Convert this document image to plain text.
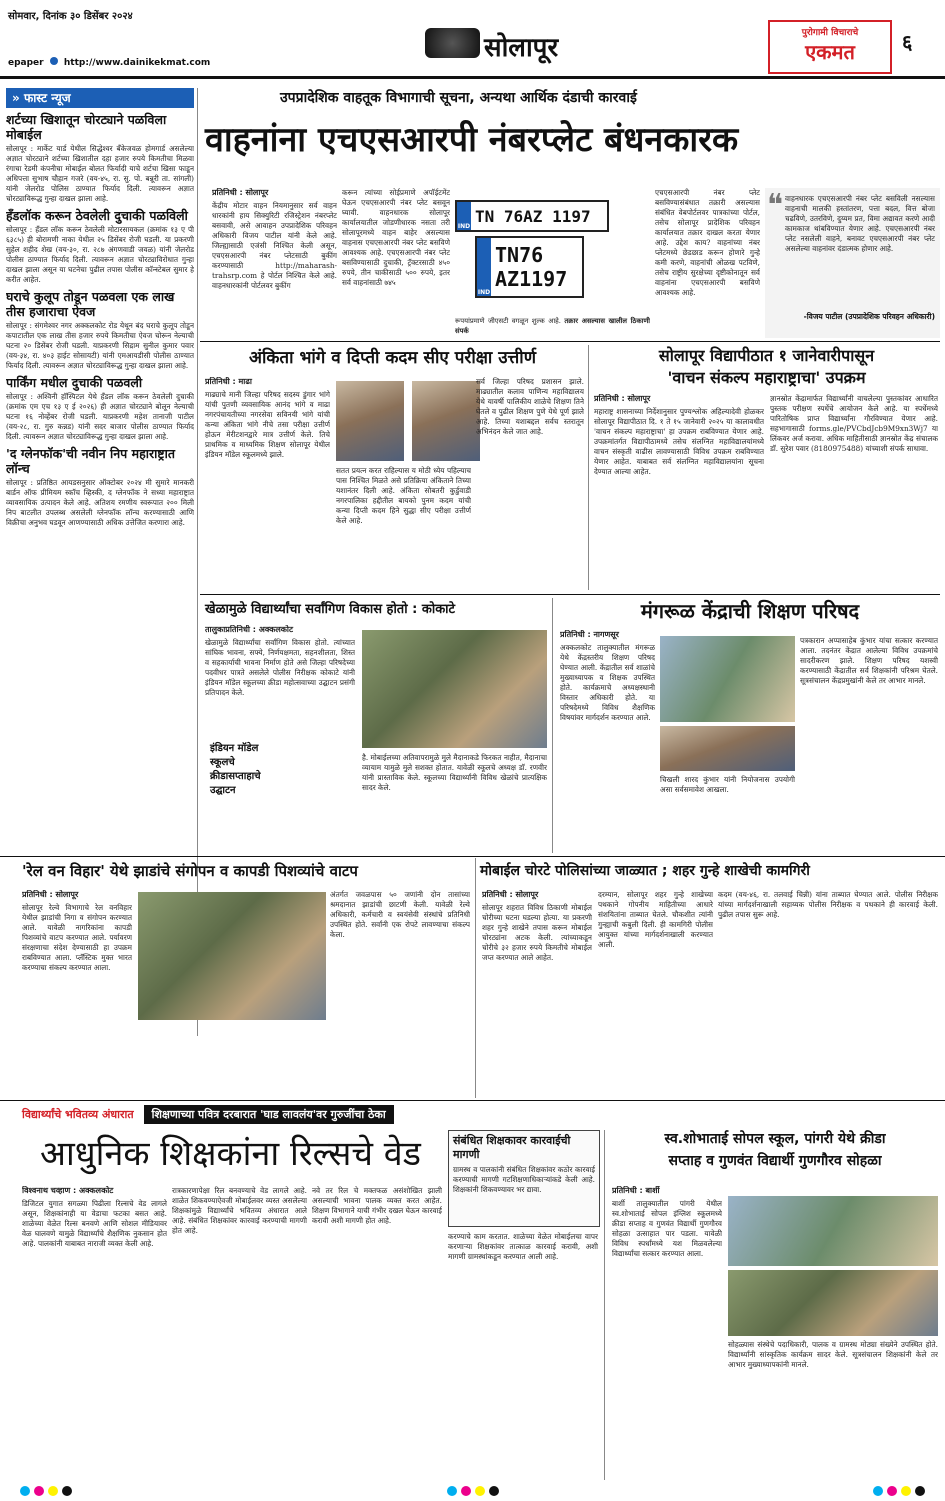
सोमवार, दिनांक ३० डिसेंबर २०२४
सोलापूर	पुरोगामी विचाराचे
एकमत	६
epaper http://www.dainikekmat.com
» फास्ट न्यूज
शर्टच्या खिशातून चोरट्याने पळविला मोबाईल
सोलापूर : मार्केट यार्ड येथील सिद्धेश्वर बँकेजवळ होमगार्ड असलेल्या अज्ञात चोरट्याने शर्टच्या खिशातील दहा हजार रुपये किमतीचा मिळवा रंगाचा रेडमी कंपनीचा मोबाईल बोलत फिर्यादी याचे शर्टचा खिसा फाडून अधिपत्ता सुभाष चौहान गजरे (वय-४५, रा. सु. पो. बन्नूरी ता. सांगली) यांनी जेलरोड पोलिस ठाण्यात फिर्याद दिली. त्यावरून अज्ञात चोरट्याविरूद्ध गुन्हा दाखल झाला आहे.
हँडलॉक करून ठेवलेली दुचाकी पळविली
सोलापूर : हँडल लॉक करून ठेवलेली मोटारसायकल (क्रमांक १३ ए पी ६३८५) ही बोरामणी नाका येथील २५ डिसेंबर रोजी घडली. या प्रकरणी सुहेल शहीद शेख (वय-३०, रा. २८७ अंगणवाडी जवळ) यांनी जेलरोड पोलीस ठाण्यात फिर्याद दिली. त्यावरून अज्ञात चोरट्याविरोधात गुन्हा दाखल झाला असून या घटनेचा पुढील तपास पोलीस कॉन्स्टेबल सुमार हे करीत आहेत.
घराचे कुलूप तोडून पळवला एक लाख तीस हजाराचा ऐवज
सोलापूर : संगमेश्वर नगर अक्कलकोट रोड येथून बंद घराचे कुलूप तोडून कपाटातील एक लाख तीस हजार रुपये किमतीचा ऐवज चोरून नेल्याची घटना २० डिसेंबर रोजी घडली. याप्रकरणी सिद्राम सुनील कुमार पवार (वय-३४, रा. ४०३ हाईट सोसायटी) यांनी एमआयडीसी पोलीस ठाण्यात फिर्याद दिली. त्यावरून अज्ञात चोरट्याविरूद्ध गुन्हा दाखल झाला आहे.
पार्किंग मधील दुचाकी पळवली
सोलापूर : अश्विनी हॉस्पिटल येथे हँडल लॉक करून ठेवलेली दुचाकी (क्रमांक एम एच १३ ए ई २०२६) ही अज्ञात चोरट्याने बोलून नेल्याची घटना १६ नोव्हेंबर रोजी घडली. याप्रकरणी महेश तानाजी पाटील (वय-२८, रा. गुरु कन्नड) यांनी सदर बाजार पोलीस ठाण्यात फिर्याद दिली. त्यावरून अज्ञात चोरट्याविरूद्ध गुन्हा दाखल झाला आहे.
'द ग्लेनफॉक'ची नवीन निप महाराष्ट्रात लॉन्च
सोलापूर : प्रतिष्ठित आयडसनुसार ऑक्टोबर २०२४ मी सुमारे मानकरी बार्डन ऑफ प्रीमियम स्कॉच व्हिस्की, द ग्लेनफॉक ने सध्या महाराष्ट्रात व्यावसायिक उत्पादन केले आहे. अतिशय रमणीय स्वरूपात २०० मिली निप बाटलीत उपलब्ध असलेली ग्लेनफॉक लॉन्च करण्यासाठी आणि विक्रीचा अनुभव घडवून आणण्यासाठी अधिक उत्तेजित करणारा आहे.
उपप्रादेशिक वाहतूक विभागाची सूचना, अन्यथा आर्थिक दंडाची कारवाई
वाहनांना एचएसआरपी नंबरप्लेट बंधनकारक
प्रतिनिधी : सोलापूर

केंद्रीय मोटार वाहन नियमानुसार सर्व वाहन धारकांनी हाय सिक्युरिटी रजिस्ट्रेशन नंबरप्लेट बसवावी, असे आवाहन उपप्रादेशिक परिवहन अधिकारी विजय पाटील यांनी केले आहे. जिल्ह्यासाठी एजंसी निश्चित केली असून, एचएसआरपी नंबर प्लेटसाठी बुकींग करण्यासाठी http://maharash-trahsrp.com हे पोर्टल निश्चित केले आहे. वाहनधारकांनी पोर्टलवर बुकींग

करून त्यांच्या सोईप्रमाणे अपॉईटमेंट घेऊन एचएसआरपी नंबर प्लेट बसवून घ्यावी. वाहनधारक सोलापूर कार्यालयातील जोडणीधारक नसता तरी सोलापूरमध्ये वाहन बाहेर असल्यास वाहनास एचएसआरपी नंबर प्लेट बसविणे आवश्यक आहे. एचएसआरपी नंबर प्लेट बसविण्यासाठी दुचाकी, ट्रॅक्टरसाठी ४५० रुपये, तीन चाकीसाठी ५०० रुपये, इतर सर्व वाहनांसाठी ७४५

IND
TN 76AZ 1197
IND
TN76
AZ1197
रूपयांप्रमाणे जीएसटी वगळून शुल्क आहे. तक्रार असल्यास खालील ठिकाणी संपर्क

एचएसआरपी नंबर प्लेट बसविण्यासंबंधात तक्रारी असल्यास संबंधित वेबपोर्टलवर पात्रकांच्या पोर्टल, तसेच सोलापूर प्रादेशिक परिवहन कार्यालयात तक्रार दाखल करता येणार आहे. उद्देश काय? वाहनांच्या नंबर प्लेटमध्ये छेडछाड करून होणारे गुन्हे कमी करणे, वाहनांची ओळख पटविणे, तसेच राष्ट्रीय सुरक्षेच्या दृष्टीकोनातून सर्व वाहनांना एचएसआरपी बसविणे आवश्यक आहे.

❝ वाहनधारक एचएसआरपी नंबर प्लेट बसविली नसल्यास वाहनाची मालकी हस्तांतरण, पत्ता बदल, वित्त बोजा चढविणे, उतरविणे, दुय्यम प्रत, विमा अद्यावत करणे आदी कामकाज थांबविण्यात येणार आहे. एचएसआरपी नंबर प्लेट नसलेली वाहने, बनावट एचएसआरपी नंबर प्लेट असलेल्या वाहनांवर दंडात्मक होणार आहे.
-विजय पाटील (उपप्रादेशिक परिवहन अधिकारी)
अंकिता भांगे व दिप्ती कदम सीए परीक्षा उत्तीर्ण
प्रतिनिधी : माढा

माढ्याचे मानी जिल्हा परिषद सदस्य डुंगार भांगे यांची पुतणी व्यवसायिक आनंद भांगे व माढा नगरपंचायतीच्या नगरसेवा सविनयी भांगे यांची कन्या अंकिता भांगे नीचे तसा परीक्षा उत्तीर्ण होऊन मेरीटशनद्वारे मात्र उत्तीर्ण केले. तिचे प्राथमिक व माध्यमिक शिक्षण सोलापूर येथील इंडियन मॉडेल स्कूलमध्ये झाले.

सतत प्रयत्न करत राहिल्यास य मोठी ध्येय पहिल्याच पास निश्चित मिळते असे प्रतिक्रिया अंकिताने तिच्या यशानंतर दिली आहे. अंकिता सोबतरी कुर्डुवाडी नगरपालिका हद्दीतील बायको पुनम कदम यांची कन्या दिप्ती कदम हिने सुद्धा सीए परीक्षा उत्तीर्ण केले आहे.

सर्व जिल्हा परिषद प्रशासन झाले. माढ्यातील कलाव पाणिन्य महाविद्यालय येथे यावर्षी पालिकीय शाळेचे शिक्षण तिने घेतले व पुढील शिक्षण पुणे येथे पूर्ण झाले आहे. तिच्या यशाबद्दल सर्वच स्तरातून अभिनंदन केले जात आहे.

सोलापूर विद्यापीठात १ जानेवारीपासून
'वाचन संकल्प महाराष्ट्राचा' उपक्रम
प्रतिनिधी : सोलापूर

महाराष्ट्र शासनाच्या निर्देशानुसार पुण्यश्लोक अहिल्यादेवी होळकर सोलापूर विद्यापीठात दि. १ ते १५ जानेवारी २०२५ या कालावधीत 'वाचन संकल्प महाराष्ट्राचा' हा उपक्रम राबविण्यात येणार आहे. उपक्रमांतर्गत विद्यापीठामध्ये तसेच संलग्नित महाविद्यालयांमध्ये वाचन संस्कृती वाढीस लावण्यासाठी विविध उपक्रम राबविण्यात येणार आहेत. याबाबत सर्व संलग्नित महाविद्यालयांना सूचना देण्यात आल्या आहेत.

ज्ञानस्रोत केंद्रामार्फत विद्यार्थ्यांनी वाचलेल्या पुस्तकांवर आधारित पुस्तक परीक्षण स्पर्धेचे आयोजन केले आहे. या स्पर्धेमध्ये पारितोषिक प्राप्त विद्यार्थ्यांना गौरविण्यात येणार आहे. सहभागासाठी forms.gle/PVCbdJcb9M9xn3Wj7 या लिंकवर अर्ज करावा. अधिक माहितीसाठी ज्ञानस्रोत केंद्र संचालक डॉ. सुरेश पवार (8180975488) यांच्याशी संपर्क साधावा.

खेळामुळे विद्यार्थ्यांचा सर्वांगिण विकास होतो : कोकाटे
तालुकाप्रतिनिधी : अक्कलकोट

खेळामुळे विद्यार्थ्यांचा सर्वांगिण विकास होतो. त्यांच्यात सांघिक भावना, सफ्ये, निर्णयक्षमता, सहनशीलता, शिस्त व सहकार्याची भावना निर्माण होते असे जिल्हा परिषदेच्या पदवीधर पात्रते असलेले पोलीस निरीक्षक कोकाटे यांनी इंडियन मॉडेल स्कूलच्या क्रीडा महोत्सवाच्या उद्घाटन प्रसंगी प्रतिपादन केले.

इंडियन मॉडेल स्कूलचे क्रीडासप्ताहाचे उद्घाटन

है. मोबाईलच्या अतिवापरामुळे मुले मैदानाकडे फिरकत नाहीत, मैदानाचा व्यायाम यामुळे मुले सशक्त होतात. यावेळी स्कूलचे अध्यक्ष डॉ. रणवीर यांनी प्रास्ताविक केले. स्कूलच्या विद्यार्थ्यांनी विविध खेळांचे प्रात्यक्षिक सादर केले.

मंगरूळ केंद्राची शिक्षण परिषद
प्रतिनिधी : नागणसूर

अक्कलकोट तालुक्यातील मंगरूळ येथे केंद्रस्तरीय शिक्षण परिषद घेण्यात आली. केंद्रातील सर्व शाळांचे मुख्याध्यापक व शिक्षक उपस्थित होते. कार्यक्रमाचे अध्यक्षस्थानी विस्तार अधिकारी होते. या परिषदेमध्ये विविध शैक्षणिक विषयांवर मार्गदर्शन करण्यात आले.

चिखली शारद कुंभार यांनी नियोजनास उपयोगी असा सर्वसमावेश आखला.

पत्रकारान अप्पासाहेब कुंभार यांचा सत्कार करण्यात आला. तदनंतर केंद्रात आलेल्या विविध उपक्रमांचे सादरीकरण झाले. शिक्षण परिषद यशस्वी करण्यासाठी केंद्रातील सर्व शिक्षकांनी परिश्रम घेतले. सूत्रसंचालन केंद्रप्रमुखांनी केले तर आभार मानले.

'रेल वन विहार' येथे झाडांचे संगोपन व कापडी पिशव्यांचे वाटप
प्रतिनिधी : सोलापूर

सोलापूर रेल्वे विभागाचे रेल वनविहार येथील झाडांची निगा व संगोपन करण्यात आले. यावेळी नागरिकांना कापडी पिशव्यांचे वाटप करण्यात आले. पर्यावरण संरक्षणाचा संदेश देण्यासाठी हा उपक्रम राबविण्यात आला. प्लॅस्टिक मुक्त भारत करण्याचा संकल्प करण्यात आला.

अंतर्गत जवळपास ५० जणांनी दोन तासांच्या श्रमदानात झाडांची छाटणी केली. यावेळी रेल्वे अधिकारी, कर्मचारी व स्वयंसेवी संस्थांचे प्रतिनिधी उपस्थित होते. सर्वांनी एक रोपटे लावण्याचा संकल्प केला.

मोबाईल चोरटे पोलिसांच्या जाळ्यात ; शहर गुन्हे शाखेची कामगिरी
प्रतिनिधी : सोलापूर

सोलापूर शहरात विविध ठिकाणी मोबाईल चोरीच्या घटना घडल्या होत्या. या प्रकरणी शहर गुन्हे शाखेने तपास करून मोबाईल चोरट्यांना अटक केली. त्यांच्याकडून चोरीचे ३२ हजार रुपये किमतीचे मोबाईल जप्त करण्यात आले आहेत.

दरम्यान, सोलापूर शहर गुन्हे शाखेच्या पथकाने गोपनीय माहितीच्या आधारे संशयितांना ताब्यात घेतले. चौकशीत त्यांनी गुन्ह्याची कबुली दिली. ही कामगिरी पोलीस आयुक्त यांच्या मार्गदर्शनाखाली करण्यात आली.

कदम (वय-४६, रा. तलवाई चिन्नी) यांना ताब्यात घेण्यात आले. पोलीस निरीक्षक यांच्या मार्गदर्शनाखाली सहाय्यक पोलीस निरीक्षक व पथकाने ही कारवाई केली. पुढील तपास सुरू आहे.

विद्यार्थ्यांचे भवितव्य अंधारात	शिक्षणाच्या पवित्र दरबारात 'घाड लावलंय'वर गुरुजींचा ठेका
आधुनिक शिक्षकांना रिल्सचे वेड
विश्वनाथ चव्हाण : अक्कलकोट

डिजिटल युगात सगळ्या पिढीला रिल्सचे वेड लागले असून, शिक्षकांनाही या वेडाचा फटका बसत आहे. शाळेच्या वेळेत रिल्स बनवणे आणि सोशल मीडियावर वेळ घालवणे यामुळे विद्यार्थ्यांचे शैक्षणिक नुकसान होत आहे. पालकांनी याबाबत नाराजी व्यक्त केली आहे.

रात्रकारणापेक्षा रिल बनवण्याचे वेड लागले आहे. शाळेत शिकवण्याऐवजी मोबाईलवर व्यस्त असलेल्या शिक्षकांमुळे विद्यार्थ्यांचे भवितव्य अंधारात आले आहे. संबंधित शिक्षकांवर कारवाई करण्याची मागणी होत आहे.

नवे तर रिल चे मक्तफळ असंशोखित झाली असल्याची भावना पालक व्यक्त करत आहेत. शिक्षण विभागाने याची गंभीर दखल घेऊन कारवाई करावी अशी मागणी होत आहे.

संबंधित शिक्षकावर कारवाईची मागणी
ग्रामस्थ व पालकांनी संबंधित शिक्षकांवर कठोर कारवाई करण्याची मागणी गटशिक्षणाधिकाऱ्यांकडे केली आहे. शिक्षकांनी शिकवण्यावर भर द्यावा.

करण्याचे काम करतात. शाळेच्या वेळेत मोबाईलचा वापर करणाऱ्या शिक्षकांवर तात्काळ कारवाई करावी, अशी मागणी ग्रामस्थांकडून करण्यात आली आहे.

स्व.शोभाताई सोपल स्कूल, पांगरी येथे क्रीडा
सप्ताह व गुणवंत विद्यार्थी गुणगौरव सोहळा
प्रतिनिधी : बार्शी

बार्शी तालुक्यातील पांगरी येथील स्व.शोभाताई सोपल इंग्लिश स्कूलमध्ये क्रीडा सप्ताह व गुणवंत विद्यार्थी गुणगौरव सोहळा उत्साहात पार पडला. यावेळी विविध स्पर्धांमध्ये यश मिळवलेल्या विद्यार्थ्यांचा सत्कार करण्यात आला.

सोहळ्यास संस्थेचे पदाधिकारी, पालक व ग्रामस्थ मोठ्या संख्येने उपस्थित होते. विद्यार्थ्यांनी सांस्कृतिक कार्यक्रम सादर केले. सूत्रसंचालन शिक्षकांनी केले तर आभार मुख्याध्यापकांनी मानले.
